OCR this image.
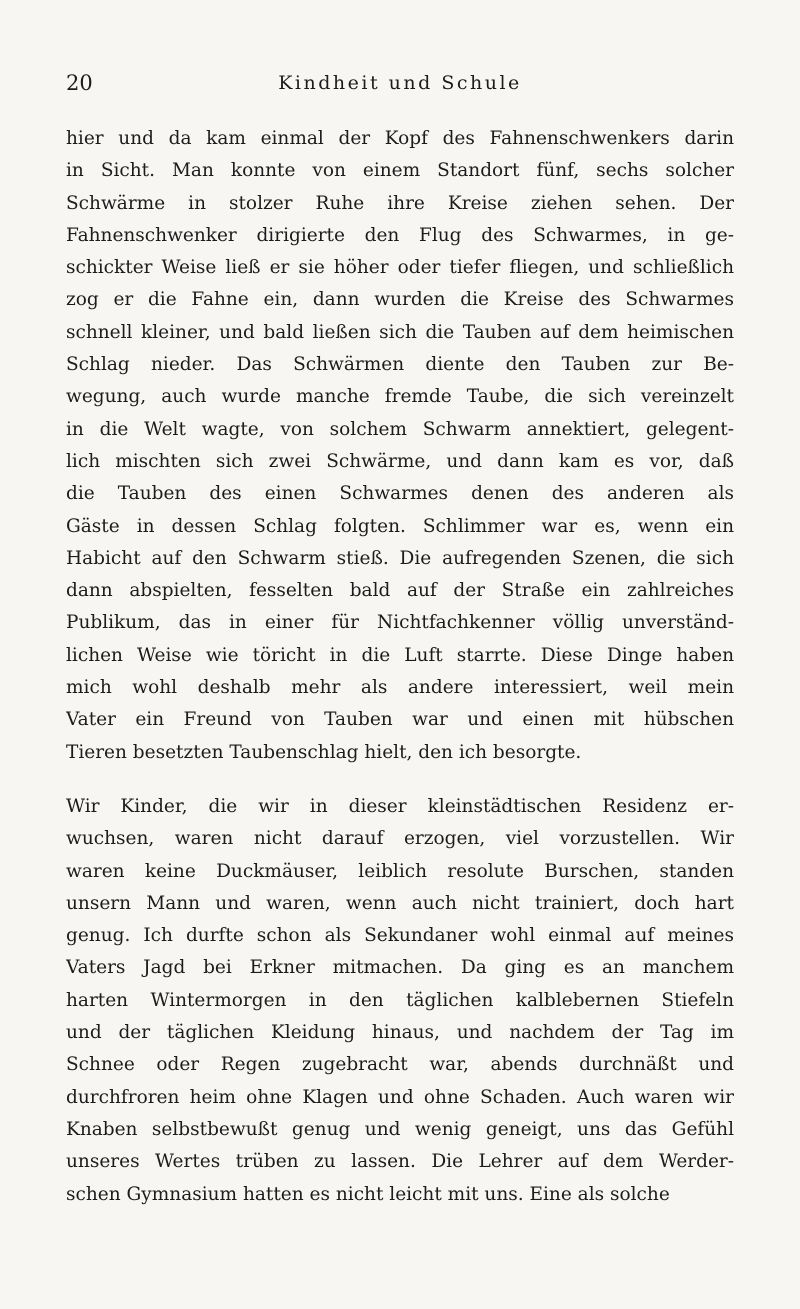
20	Kindheit und Schule
hier und da kam einmal der Kopf des Fahnenschwenkers darin
in Sicht. Man konnte von einem Standort fünf, sechs solcher
Schwärme in stolzer Ruhe ihre Kreise ziehen sehen. Der
Fahnenschwenker dirigierte den Flug des Schwarmes, in ge-
schickter Weise ließ er sie höher oder tiefer fliegen, und schließlich
zog er die Fahne ein, dann wurden die Kreise des Schwarmes
schnell kleiner, und bald ließen sich die Tauben auf dem heimischen
Schlag nieder. Das Schwärmen diente den Tauben zur Be-
wegung, auch wurde manche fremde Taube, die sich vereinzelt
in die Welt wagte, von solchem Schwarm annektiert, gelegent-
lich mischten sich zwei Schwärme, und dann kam es vor, daß
die Tauben des einen Schwarmes denen des anderen als
Gäste in dessen Schlag folgten. Schlimmer war es, wenn ein
Habicht auf den Schwarm stieß. Die aufregenden Szenen, die sich
dann abspielten, fesselten bald auf der Straße ein zahlreiches
Publikum, das in einer für Nichtfachkenner völlig unverständ-
lichen Weise wie töricht in die Luft starrte. Diese Dinge haben
mich wohl deshalb mehr als andere interessiert, weil mein
Vater ein Freund von Tauben war und einen mit hübschen
Tieren besetzten Taubenschlag hielt, den ich besorgte.
Wir Kinder, die wir in dieser kleinstädtischen Residenz er-
wuchsen, waren nicht darauf erzogen, viel vorzustellen. Wir
waren keine Duckmäuser, leiblich resolute Burschen, standen
unsern Mann und waren, wenn auch nicht trainiert, doch hart
genug. Ich durfte schon als Sekundaner wohl einmal auf meines
Vaters Jagd bei Erkner mitmachen. Da ging es an manchem
harten Wintermorgen in den täglichen kalblebernen Stiefeln
und der täglichen Kleidung hinaus, und nachdem der Tag im
Schnee oder Regen zugebracht war, abends durchnäßt und
durchfroren heim ohne Klagen und ohne Schaden. Auch waren wir
Knaben selbstbewußt genug und wenig geneigt, uns das Gefühl
unseres Wertes trüben zu lassen. Die Lehrer auf dem Werder-
schen Gymnasium hatten es nicht leicht mit uns. Eine als solche
